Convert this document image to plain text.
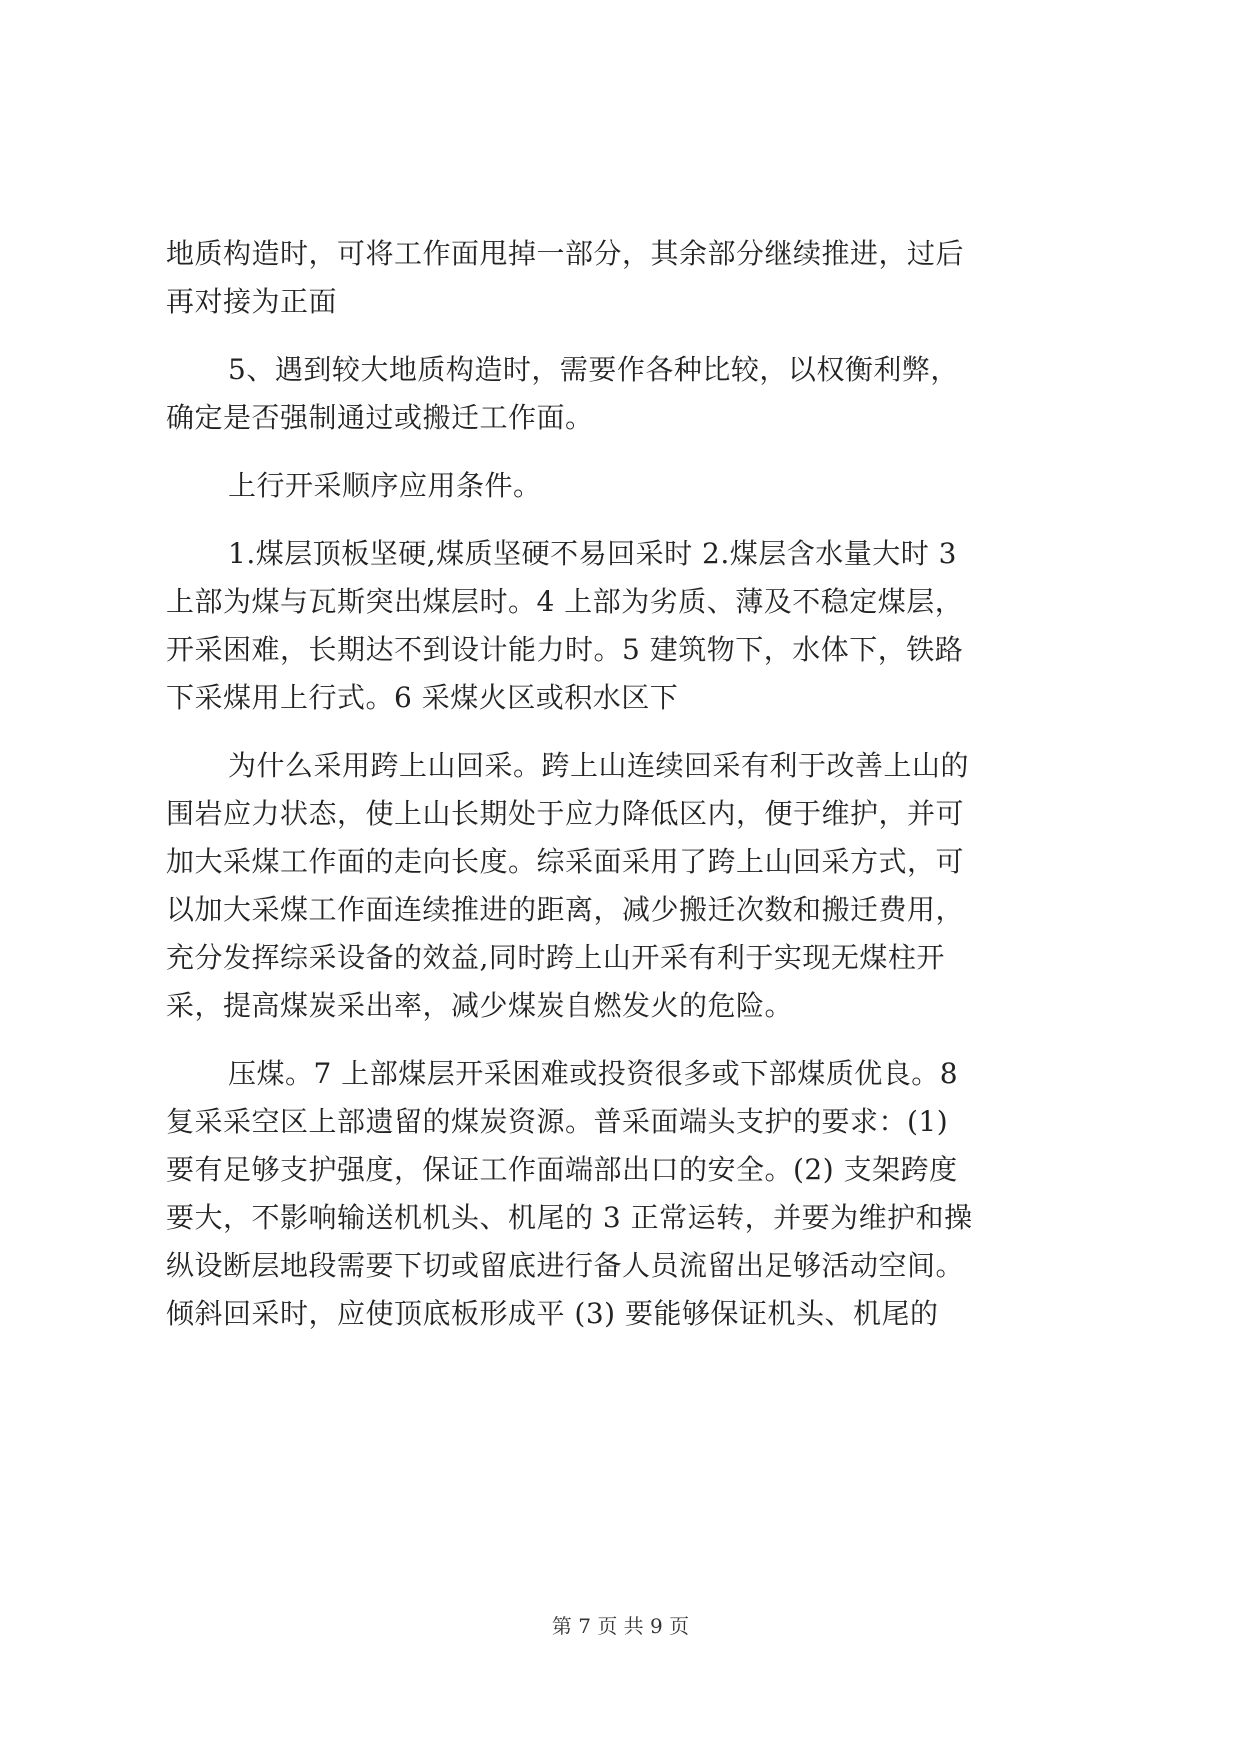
地质构造时，可将工作面甩掉一部分，其余部分继续推进，过后

再对接为正面

5、遇到较大地质构造时，需要作各种比较，以权衡利弊，

确定是否强制通过或搬迁工作面。

上行开采顺序应用条件。

1.煤层顶板坚硬,煤质坚硬不易回采时 2.煤层含水量大时 3

上部为煤与瓦斯突出煤层时。4 上部为劣质、薄及不稳定煤层，

开采困难，长期达不到设计能力时。5 建筑物下，水体下，铁路

下采煤用上行式。6 采煤火区或积水区下

为什么采用跨上山回采。跨上山连续回采有利于改善上山的

围岩应力状态，使上山长期处于应力降低区内，便于维护，并可

加大采煤工作面的走向长度。综采面采用了跨上山回采方式，可

以加大采煤工作面连续推进的距离，减少搬迁次数和搬迁费用，

充分发挥综采设备的效益,同时跨上山开采有利于实现无煤柱开

采，提高煤炭采出率，减少煤炭自燃发火的危险。

压煤。7 上部煤层开采困难或投资很多或下部煤质优良。8

复采采空区上部遗留的煤炭资源。普采面端头支护的要求：(1)

要有足够支护强度，保证工作面端部出口的安全。(2) 支架跨度

要大，不影响输送机机头、机尾的 3 正常运转，并要为维护和操

纵设断层地段需要下切或留底进行备人员流留出足够活动空间。

倾斜回采时，应使顶底板形成平 (3) 要能够保证机头、机尾的

第 7 页 共 9 页
